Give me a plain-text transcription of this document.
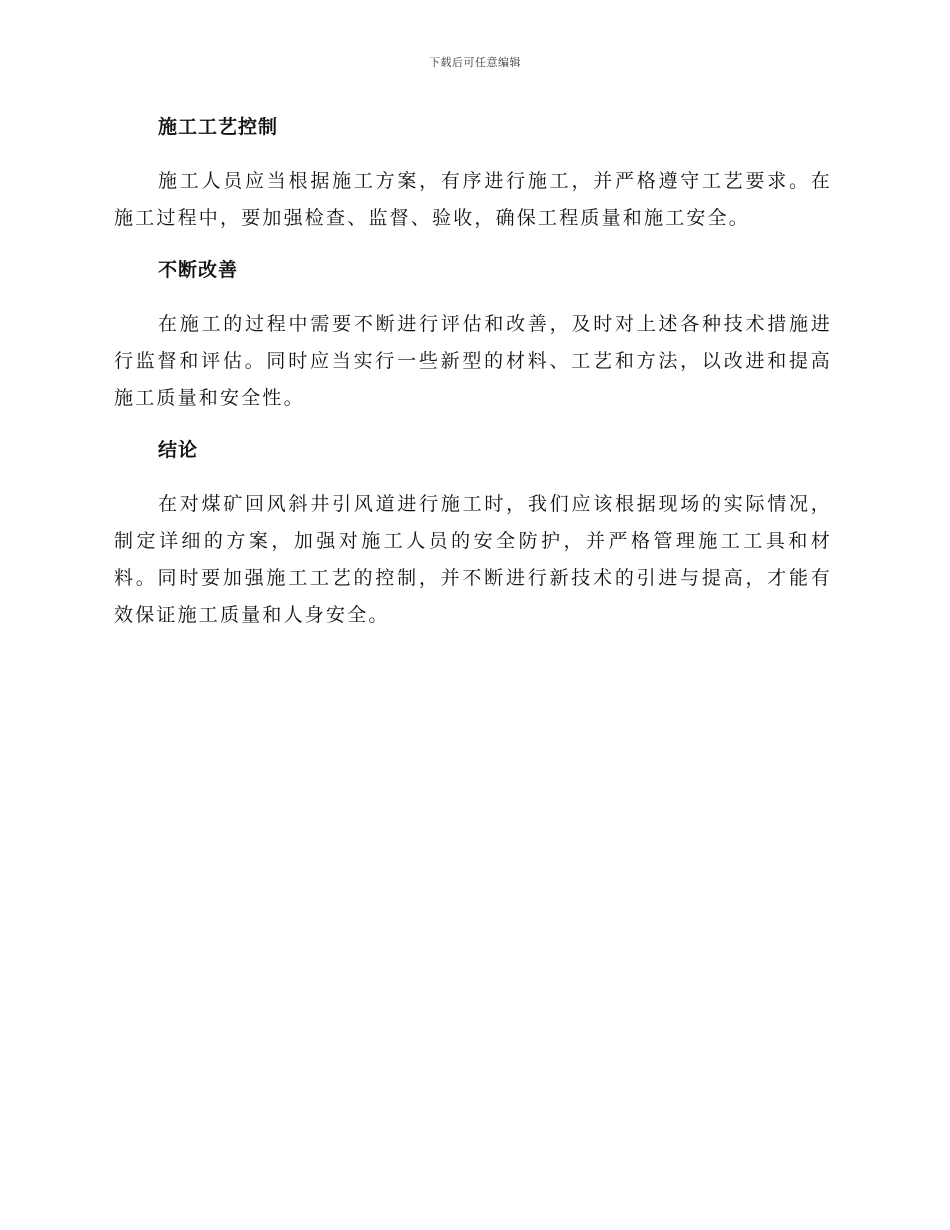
下载后可任意编辑
施工工艺控制

施工人员应当根据施工方案，有序进行施工，并严格遵守工艺要求。在施工过程中，要加强检查、监督、验收，确保工程质量和施工安全。

不断改善

在施工的过程中需要不断进行评估和改善，及时对上述各种技术措施进行监督和评估。同时应当实行一些新型的材料、工艺和方法，以改进和提高施工质量和安全性。

结论

在对煤矿回风斜井引风道进行施工时，我们应该根据现场的实际情况，制定详细的方案，加强对施工人员的安全防护，并严格管理施工工具和材料。同时要加强施工工艺的控制，并不断进行新技术的引进与提高，才能有效保证施工质量和人身安全。
